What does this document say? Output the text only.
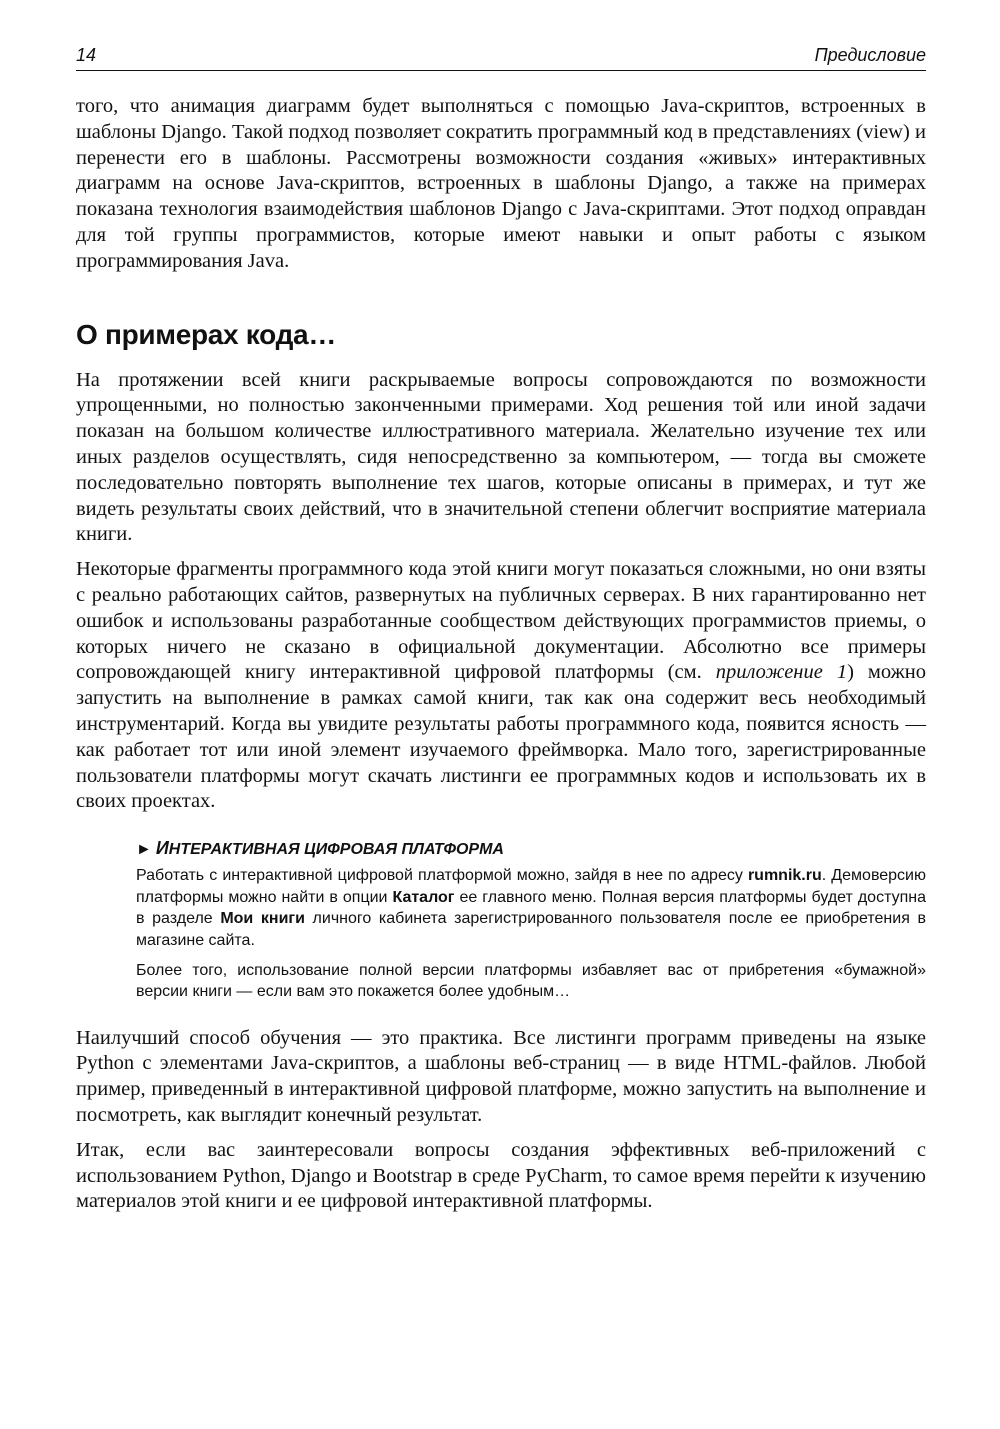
14	Предисловие

того, что анимация диаграмм будет выполняться с помощью Java-скриптов, встроенных в шаблоны Django. Такой подход позволяет сократить программный код в представлениях (view) и перенести его в шаблоны. Рассмотрены возможности создания «живых» интерактивных диаграмм на основе Java-скриптов, встроенных в шаблоны Django, а также на примерах показана технология взаимодействия шаблонов Django с Java-скриптами. Этот подход оправдан для той группы программистов, которые имеют навыки и опыт работы с языком программирования Java.

О примерах кода…

На протяжении всей книги раскрываемые вопросы сопровождаются по возможности упрощенными, но полностью законченными примерами. Ход решения той или иной задачи показан на большом количестве иллюстративного материала. Желательно изучение тех или иных разделов осуществлять, сидя непосредственно за компьютером, — тогда вы сможете последовательно повторять выполнение тех шагов, которые описаны в примерах, и тут же видеть результаты своих действий, что в значительной степени облегчит восприятие материала книги.

Некоторые фрагменты программного кода этой книги могут показаться сложными, но они взяты с реально работающих сайтов, развернутых на публичных серверах. В них гарантированно нет ошибок и использованы разработанные сообществом действующих программистов приемы, о которых ничего не сказано в официальной документации. Абсолютно все примеры сопровождающей книгу интерактивной цифровой платформы (см. приложение 1) можно запустить на выполнение в рамках самой книги, так как она содержит весь необходимый инструментарий. Когда вы увидите результаты работы программного кода, появится ясность — как работает тот или иной элемент изучаемого фреймворка. Мало того, зарегистрированные пользователи платформы могут скачать листинги ее программных кодов и использовать их в своих проектах.

► ИНТЕРАКТИВНАЯ ЦИФРОВАЯ ПЛАТФОРМА

Работать с интерактивной цифровой платформой можно, зайдя в нее по адресу rumnik.ru. Демоверсию платформы можно найти в опции Каталог ее главного меню. Полная версия платформы будет доступна в разделе Мои книги личного кабинета зарегистрированного пользователя после ее приобретения в магазине сайта.

Более того, использование полной версии платформы избавляет вас от прибретения «бумажной» версии книги — если вам это покажется более удобным…

Наилучший способ обучения — это практика. Все листинги программ приведены на языке Python с элементами Java-скриптов, а шаблоны веб-страниц — в виде HTML-файлов. Любой пример, приведенный в интерактивной цифровой платформе, можно запустить на выполнение и посмотреть, как выглядит конечный результат.

Итак, если вас заинтересовали вопросы создания эффективных веб-приложений с использованием Python, Django и Bootstrap в среде PyCharm, то самое время перейти к изучению материалов этой книги и ее цифровой интерактивной платформы.
